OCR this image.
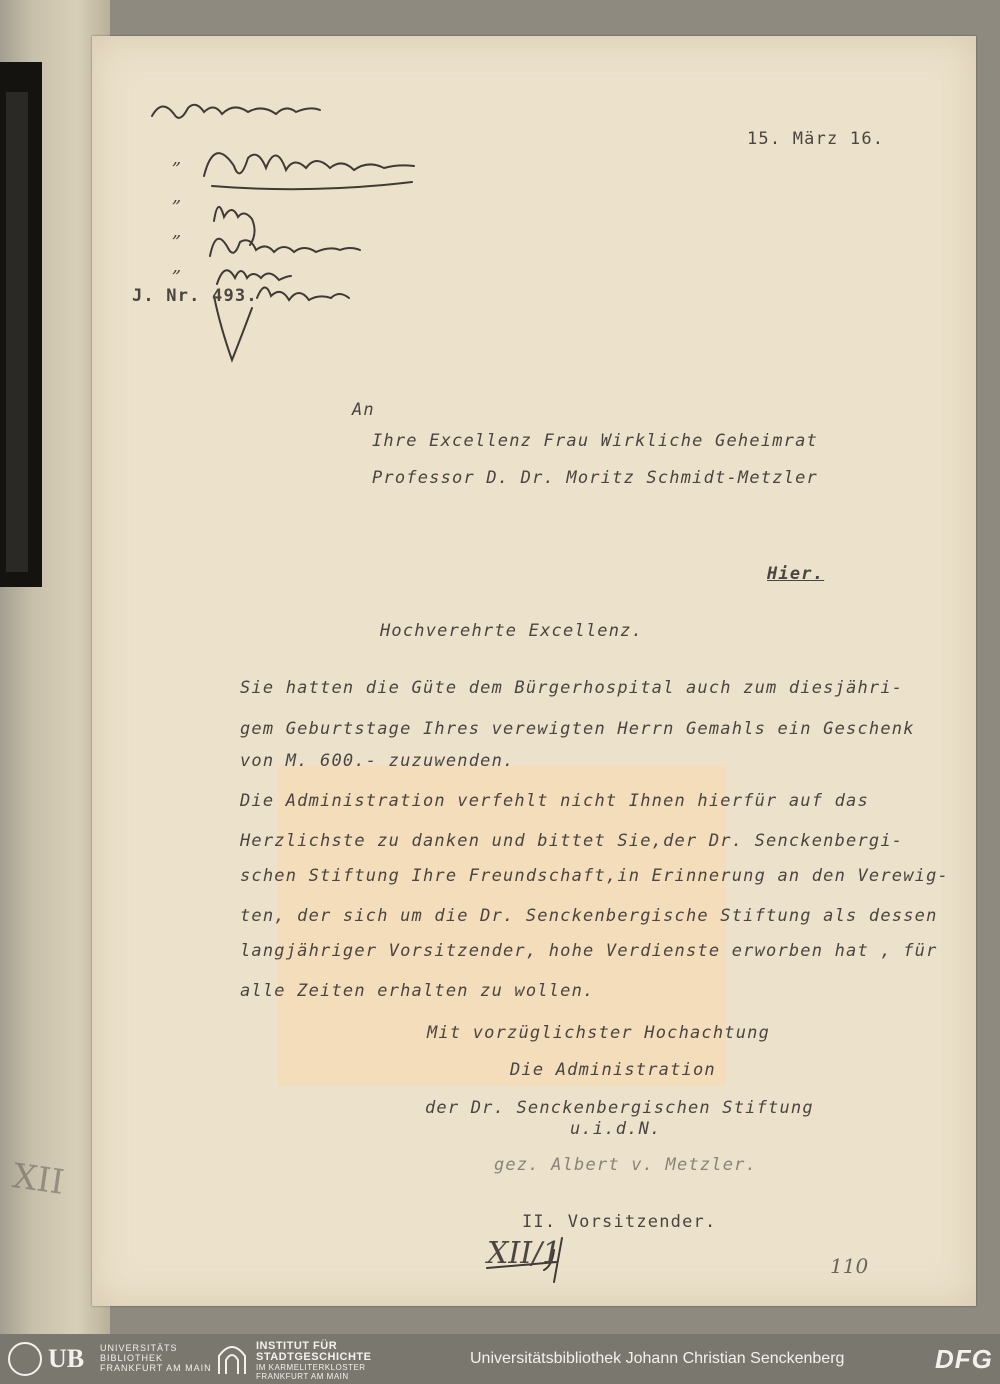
XII
„
„
„
„
15. März 16.
J. Nr. 493.
An
Ihre Excellenz Frau Wirkliche Geheimrat
Professor D. Dr. Moritz Schmidt-Metzler
Hier.
Hochverehrte Excellenz.
Sie hatten die Güte dem Bürgerhospital auch zum diesjähri-
gem Geburtstage Ihres verewigten Herrn Gemahls ein Geschenk
von M. 600.- zuzuwenden.
Die Administration verfehlt nicht Ihnen hierfür auf das
Herzlichste zu danken und bittet Sie,der Dr. Senckenbergi-
schen Stiftung Ihre Freundschaft,in Erinnerung an den Verewig-
ten, der sich um die Dr. Senckenbergische Stiftung als dessen
langjähriger Vorsitzender, hohe Verdienste erworben hat , für
alle Zeiten erhalten zu wollen.
Mit vorzüglichster Hochachtung
Die Administration
der Dr. Senckenbergischen Stiftung
u.i.d.N.
gez. Albert v. Metzler.
II. Vorsitzender.
XII/1	110
UB UNIVERSITÄTS
BIBLIOTHEK
FRANKFURT AM MAIN
INSTITUT FÜR
STADTGESCHICHTE
IM KARMELITERKLOSTER
FRANKFURT AM MAIN
Universitätsbibliothek Johann Christian Senckenberg	DFG
